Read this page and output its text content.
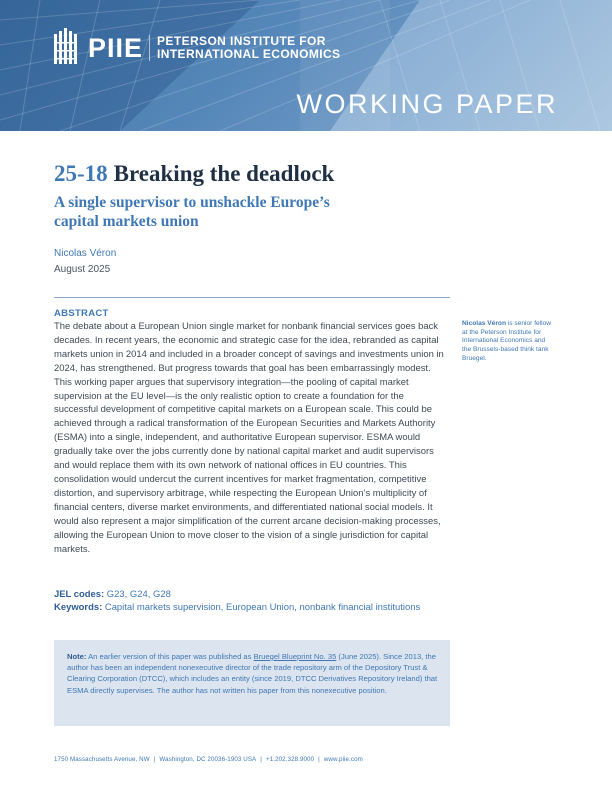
PIIE PETERSON INSTITUTE FOR
INTERNATIONAL ECONOMICS
WORKING PAPER
25-18 Breaking the deadlock
A single supervisor to unshackle Europe’s
capital markets union
Nicolas Véron
August 2025
ABSTRACT
The debate about a European Union single market for nonbank financial services goes back decades. In recent years, the economic and strategic case for the idea, rebranded as capital markets union in 2014 and included in a broader concept of savings and investments union in 2024, has strengthened. But progress towards that goal has been embarrassingly modest. This working paper argues that supervisory integration—the pooling of capital market supervision at the EU level—is the only realistic option to create a foundation for the successful development of competitive capital markets on a European scale. This could be achieved through a radical transformation of the European Securities and Markets Authority (ESMA) into a single, independent, and authoritative European supervisor. ESMA would gradually take over the jobs currently done by national capital market and audit supervisors and would replace them with its own network of national offices in EU countries. This consolidation would undercut the current incentives for market fragmentation, competitive distortion, and supervisory arbitrage, while respecting the European Union’s multiplicity of financial centers, diverse market environments, and differentiated national social models. It would also represent a major simplification of the current arcane decision-making processes, allowing the European Union to move closer to the vision of a single jurisdiction for capital markets.
Nicolas Véron is senior fellow at the Peterson Institute for International Economics and the Brussels-based think tank Bruegel.
JEL codes: G23, G24, G28
Keywords: Capital markets supervision, European Union, nonbank financial institutions
Note: An earlier version of this paper was published as Bruegel Blueprint No. 35 (June 2025). Since 2013, the author has been an independent nonexecutive director of the trade repository arm of the Depository Trust & Clearing Corporation (DTCC), which includes an entity (since 2019, DTCC Derivatives Repository Ireland) that ESMA directly supervises. The author has not written his paper from this nonexecutive position.
1750 Massachusetts Avenue, NW | Washington, DC 20036-1903 USA | +1.202.328.9000 | www.piie.com
